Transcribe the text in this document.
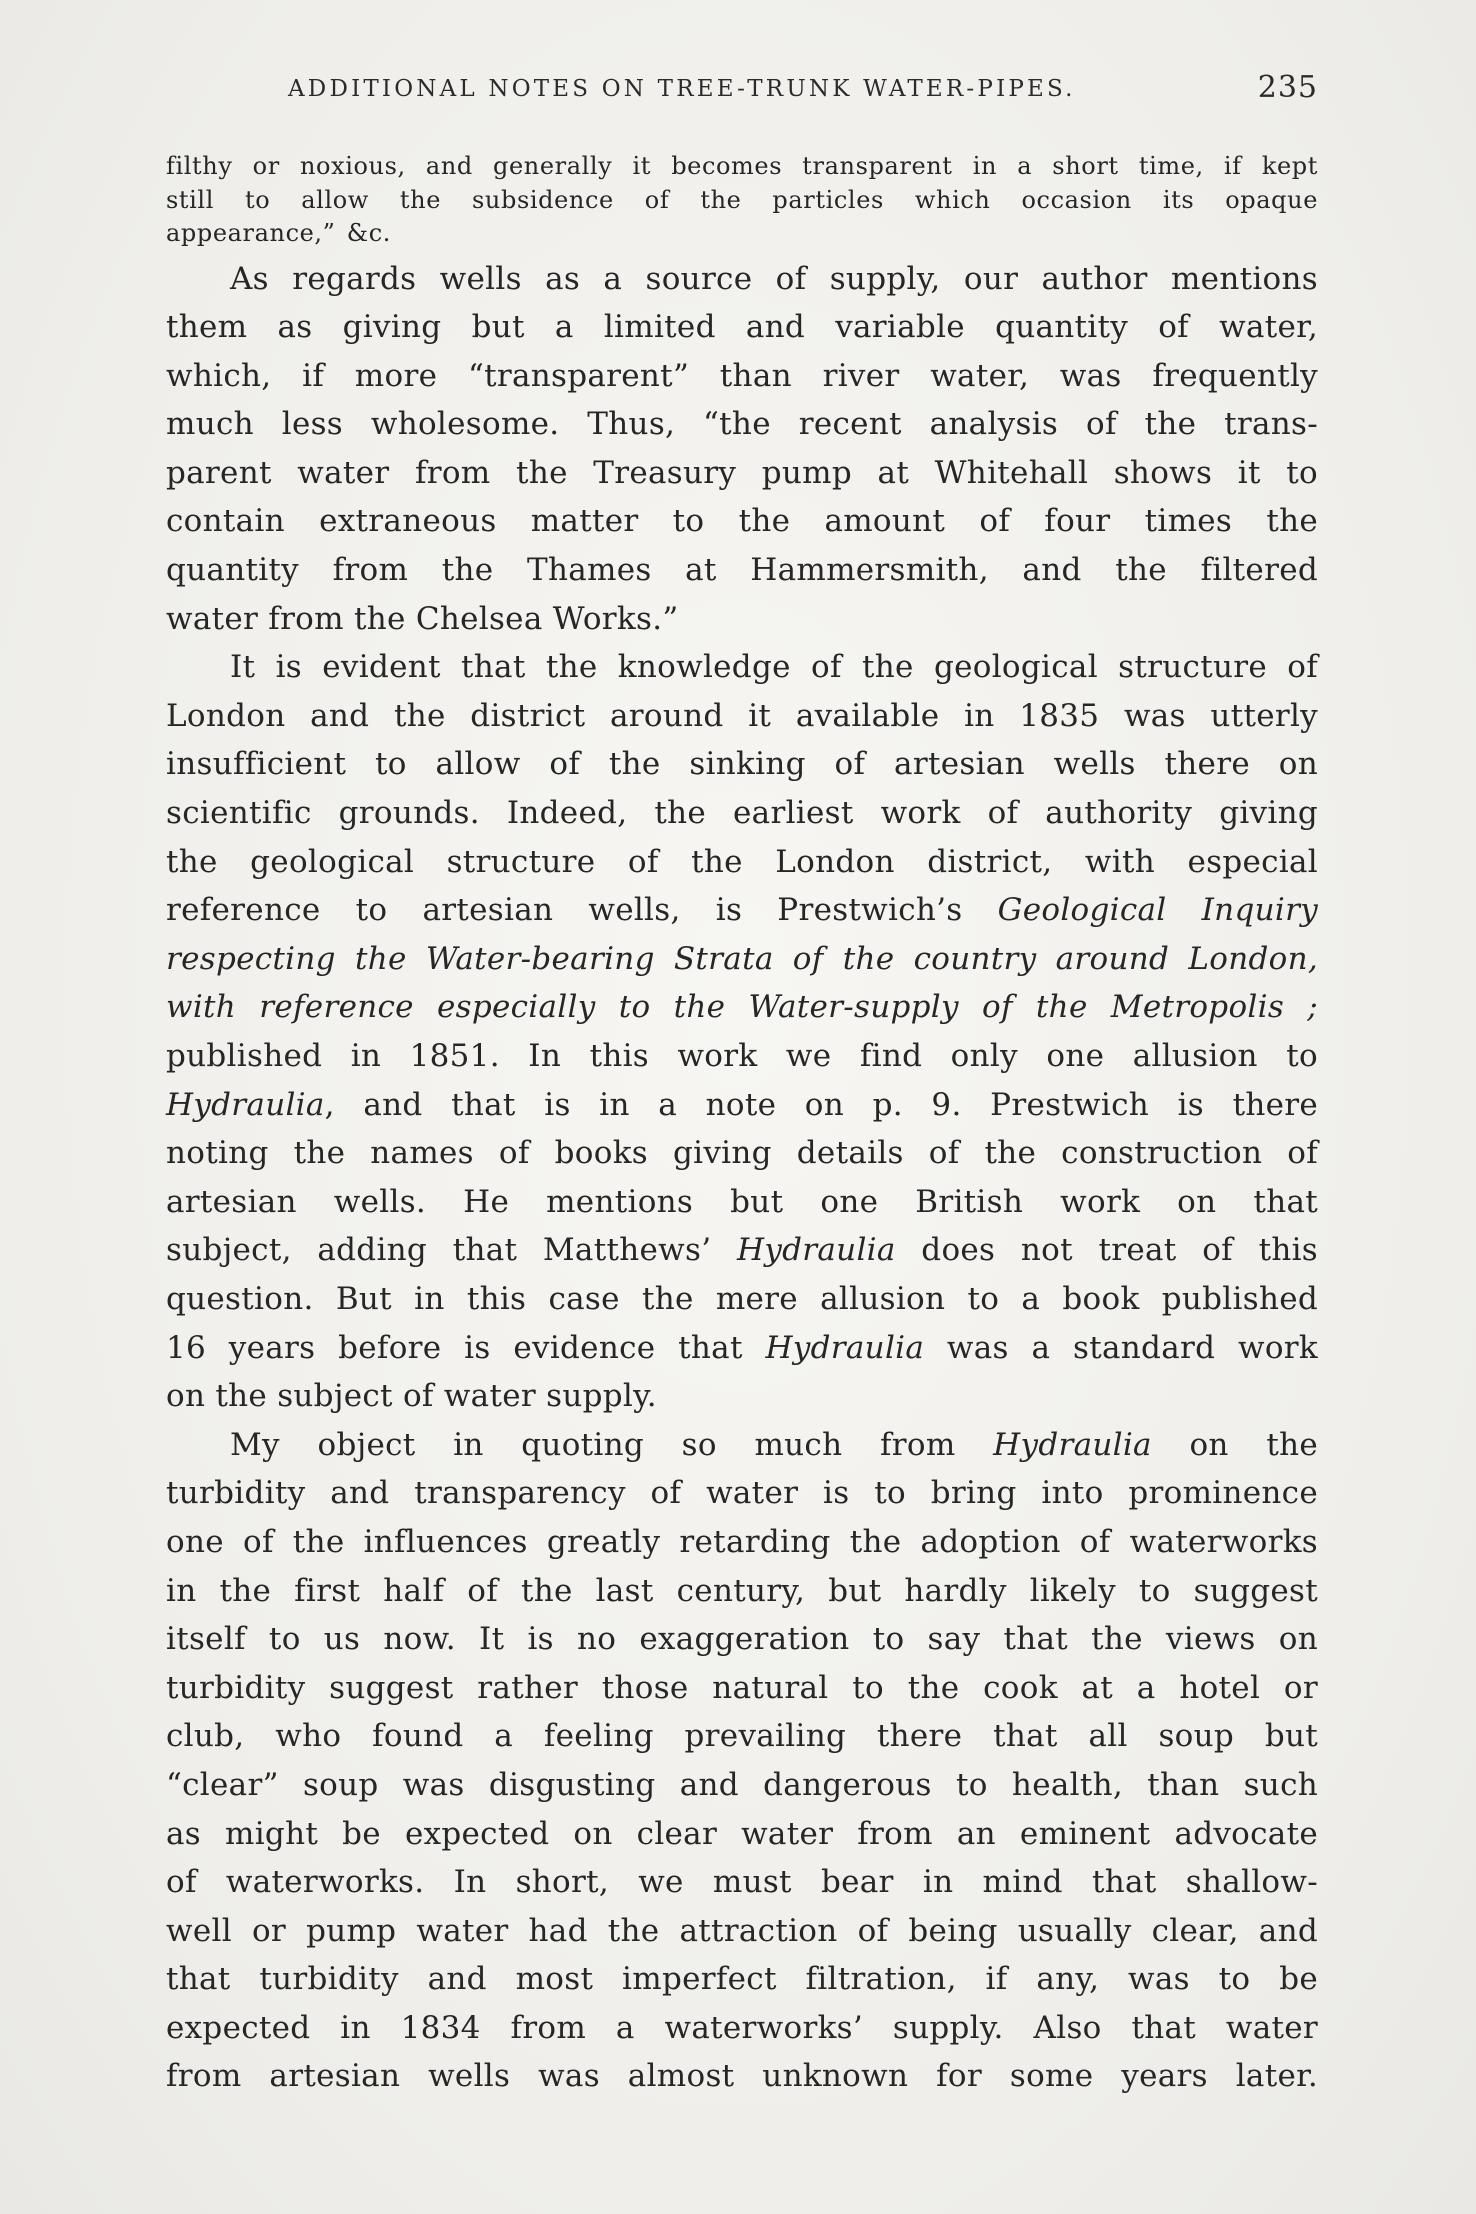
ADDITIONAL NOTES ON TREE-TRUNK WATER-PIPES.	235
filthy or noxious, and generally it becomes transparent in a short time, if kept
still to allow the subsidence of the particles which occasion its opaque
appearance,” &c.
As regards wells as a source of supply, our author mentions
them as giving but a limited and variable quantity of water,
which, if more “transparent” than river water, was frequently
much less wholesome. Thus, “the recent analysis of the trans-
parent water from the Treasury pump at Whitehall shows it to
contain extraneous matter to the amount of four times the
quantity from the Thames at Hammersmith, and the filtered
water from the Chelsea Works.”
It is evident that the knowledge of the geological structure of
London and the district around it available in 1835 was utterly
insufficient to allow of the sinking of artesian wells there on
scientific grounds. Indeed, the earliest work of authority giving
the geological structure of the London district, with especial
reference to artesian wells, is Prestwich’s Geological Inquiry
respecting the Water-bearing Strata of the country around London,
with reference especially to the Water-supply of the Metropolis ;
published in 1851. In this work we find only one allusion to
Hydraulia, and that is in a note on p. 9. Prestwich is there
noting the names of books giving details of the construction of
artesian wells. He mentions but one British work on that
subject, adding that Matthews’ Hydraulia does not treat of this
question. But in this case the mere allusion to a book published
16 years before is evidence that Hydraulia was a standard work
on the subject of water supply.
My object in quoting so much from Hydraulia on the
turbidity and transparency of water is to bring into prominence
one of the influences greatly retarding the adoption of waterworks
in the first half of the last century, but hardly likely to suggest
itself to us now. It is no exaggeration to say that the views on
turbidity suggest rather those natural to the cook at a hotel or
club, who found a feeling prevailing there that all soup but
“clear” soup was disgusting and dangerous to health, than such
as might be expected on clear water from an eminent advocate
of waterworks. In short, we must bear in mind that shallow-
well or pump water had the attraction of being usually clear, and
that turbidity and most imperfect filtration, if any, was to be
expected in 1834 from a waterworks’ supply. Also that water
from artesian wells was almost unknown for some years later.
